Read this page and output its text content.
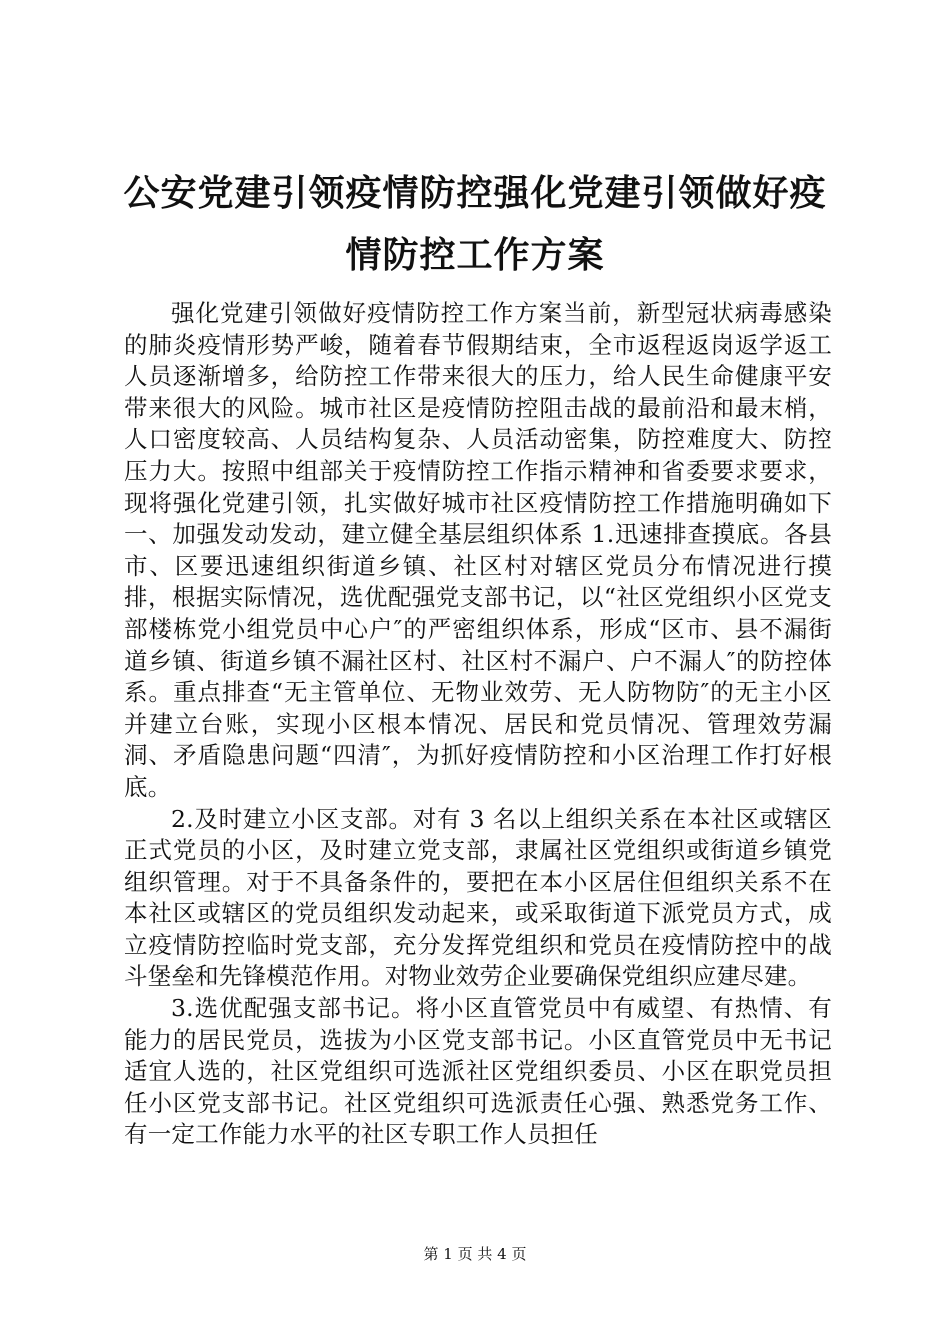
公安党建引领疫情防控强化党建引领做好疫情防控工作方案

强化党建引领做好疫情防控工作方案当前，新型冠状病毒感染的肺炎疫情形势严峻，随着春节假期结束，全市返程返岗返学返工人员逐渐增多，给防控工作带来很大的压力，给人民生命健康平安带来很大的风险。城市社区是疫情防控阻击战的最前沿和最末梢，人口密度较高、人员结构复杂、人员活动密集，防控难度大、防控压力大。按照中组部关于疫情防控工作指示精神和省委要求要求，现将强化党建引领，扎实做好城市社区疫情防控工作措施明确如下一、加强发动发动，建立健全基层组织体系 1.迅速排查摸底。各县市、区要迅速组织街道乡镇、社区村对辖区党员分布情况进行摸排，根据实际情况，选优配强党支部书记，以“社区党组织小区党支部楼栋党小组党员中心户″的严密组织体系，形成“区市、县不漏街道乡镇、街道乡镇不漏社区村、社区村不漏户、户不漏人″的防控体系。重点排查“无主管单位、无物业效劳、无人防物防″的无主小区并建立台账，实现小区根本情况、居民和党员情况、管理效劳漏洞、矛盾隐患问题“四清″，为抓好疫情防控和小区治理工作打好根底。

2.及时建立小区支部。对有 3 名以上组织关系在本社区或辖区正式党员的小区，及时建立党支部，隶属社区党组织或街道乡镇党组织管理。对于不具备条件的，要把在本小区居住但组织关系不在本社区或辖区的党员组织发动起来，或采取街道下派党员方式，成立疫情防控临时党支部，充分发挥党组织和党员在疫情防控中的战斗堡垒和先锋模范作用。对物业效劳企业要确保党组织应建尽建。

3.选优配强支部书记。将小区直管党员中有威望、有热情、有能力的居民党员，选拔为小区党支部书记。小区直管党员中无书记适宜人选的，社区党组织可选派社区党组织委员、小区在职党员担任小区党支部书记。社区党组织可选派责任心强、熟悉党务工作、有一定工作能力水平的社区专职工作人员担任

第 1 页 共 4 页
